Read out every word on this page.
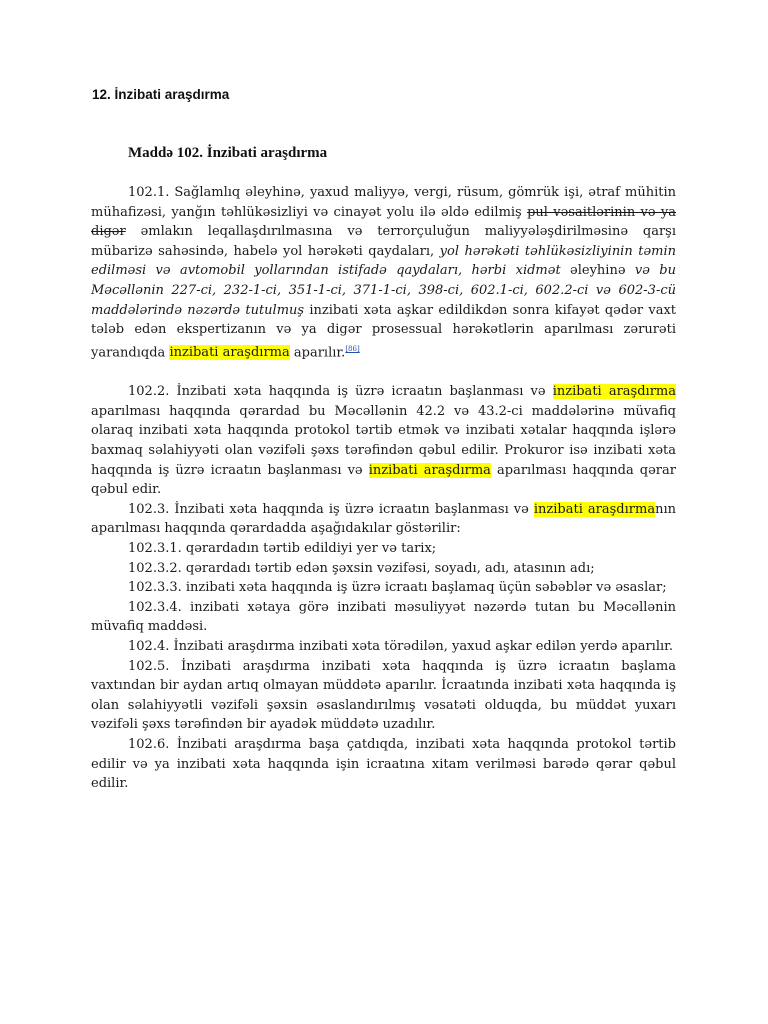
12. İnzibati araşdırma
Maddə 102. İnzibati araşdırma

102.1. Sağlamlıq əleyhinə, yaxud maliyyə, vergi, rüsum, gömrük işi, ətraf mühitin mühafizəsi, yanğın təhlükəsizliyi və cinayət yolu ilə əldə edilmiş pul vəsaitlərinin və ya digər əmlakın leqallaşdırılmasına və terrorçuluğun maliyyələşdirilməsinə qarşı mübarizə sahəsində, habelə yol hərəkəti qaydaları, yol hərəkəti təhlükəsizliyinin təmin edilməsi və avtomobil yollarından istifadə qaydaları, hərbi xidmət əleyhinə və bu Məcəllənin 227-ci, 232-1-ci, 351-1-ci, 371-1-ci, 398-ci, 602.1-ci, 602.2-ci və 602-3-cü maddələrində nəzərdə tutulmuş inzibati xəta aşkar edildikdən sonra kifayət qədər vaxt tələb edən ekspertizanın və ya digər prosessual hərəkətlərin aparılması zərurəti yarandıqda inzibati araşdırma aparılır.[86]

102.2. İnzibati xəta haqqında iş üzrə icraatın başlanması və inzibati araşdırma aparılması haqqında qərardad bu Məcəllənin 42.2 və 43.2-ci maddələrinə müvafiq olaraq inzibati xəta haqqında protokol tərtib etmək və inzibati xətalar haqqında işlərə baxmaq səlahiyyəti olan vəzifəli şəxs tərəfindən qəbul edilir. Prokuror isə inzibati xəta haqqında iş üzrə icraatın başlanması və inzibati araşdırma aparılması haqqında qərar qəbul edir.

102.3. İnzibati xəta haqqında iş üzrə icraatın başlanması və inzibati araşdırmanın aparılması haqqında qərardadda aşağıdakılar göstərilir:

102.3.1. qərardadın tərtib edildiyi yer və tarix;

102.3.2. qərardadı tərtib edən şəxsin vəzifəsi, soyadı, adı, atasının adı;

102.3.3. inzibati xəta haqqında iş üzrə icraatı başlamaq üçün səbəblər və əsaslar;

102.3.4. inzibati xətaya görə inzibati məsuliyyət nəzərdə tutan bu Məcəllənin müvafiq maddəsi.

102.4. İnzibati araşdırma inzibati xəta törədilən, yaxud aşkar edilən yerdə aparılır.

102.5. İnzibati araşdırma inzibati xəta haqqında iş üzrə icraatın başlama vaxtından bir aydan artıq olmayan müddətə aparılır. İcraatında inzibati xəta haqqında iş olan səlahiyyətli vəzifəli şəxsin əsaslandırılmış vəsatəti olduqda, bu müddət yuxarı vəzifəli şəxs tərəfindən bir ayadək müddətə uzadılır.

102.6. İnzibati araşdırma başa çatdıqda, inzibati xəta haqqında protokol tərtib edilir və ya inzibati xəta haqqında işin icraatına xitam verilməsi barədə qərar qəbul edilir.
